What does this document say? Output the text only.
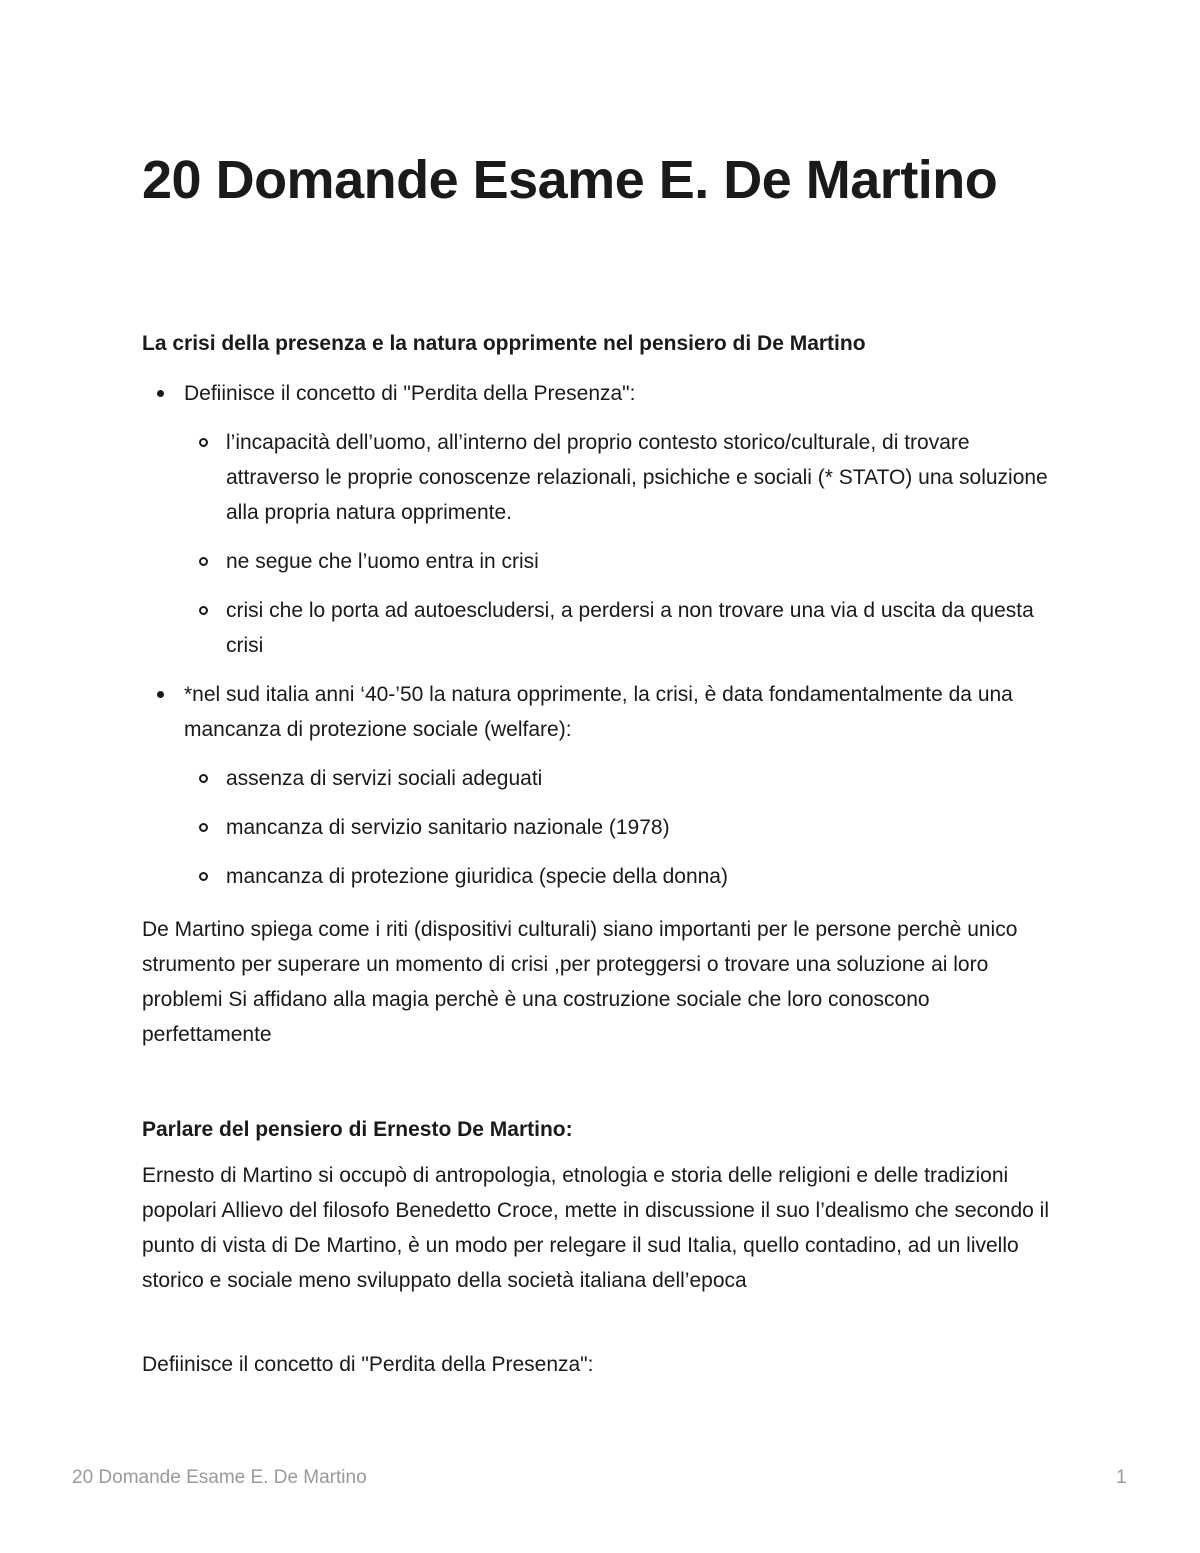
20 Domande Esame E. De Martino

La crisi della presenza e la natura opprimente nel pensiero di De Martino

Defiinisce il concetto di "Perdita della Presenza":
l’incapacità dell’uomo, all’interno del proprio contesto storico/culturale, di trovare attraverso le proprie conoscenze relazionali, psichiche e sociali (* STATO) una soluzione alla propria natura opprimente.
ne segue che l’uomo entra in crisi
crisi che lo porta ad autoescludersi, a perdersi a non trovare una via d uscita da questa crisi
*nel sud italia anni ‘40-’50 la natura opprimente, la crisi, è data fondamentalmente da una mancanza di protezione sociale (welfare):
assenza di servizi sociali adeguati
mancanza di servizio sanitario nazionale (1978)
mancanza di protezione giuridica (specie della donna)

De Martino spiega come i riti (dispositivi culturali) siano importanti per le persone perchè unico strumento per superare un momento di crisi ,per proteggersi o trovare una soluzione ai loro problemi Si affidano alla magia perchè è una costruzione sociale che loro conoscono perfettamente

Parlare del pensiero di Ernesto De Martino:

Ernesto di Martino si occupò di antropologia, etnologia e storia delle religioni e delle tradizioni popolari Allievo del filosofo Benedetto Croce, mette in discussione il suo l’dealismo che secondo il punto di vista di De Martino, è un modo per relegare il sud Italia, quello contadino, ad un livello storico e sociale meno sviluppato della società italiana dell’epoca

Defiinisce il concetto di "Perdita della Presenza":

20 Domande Esame E. De Martino	1
